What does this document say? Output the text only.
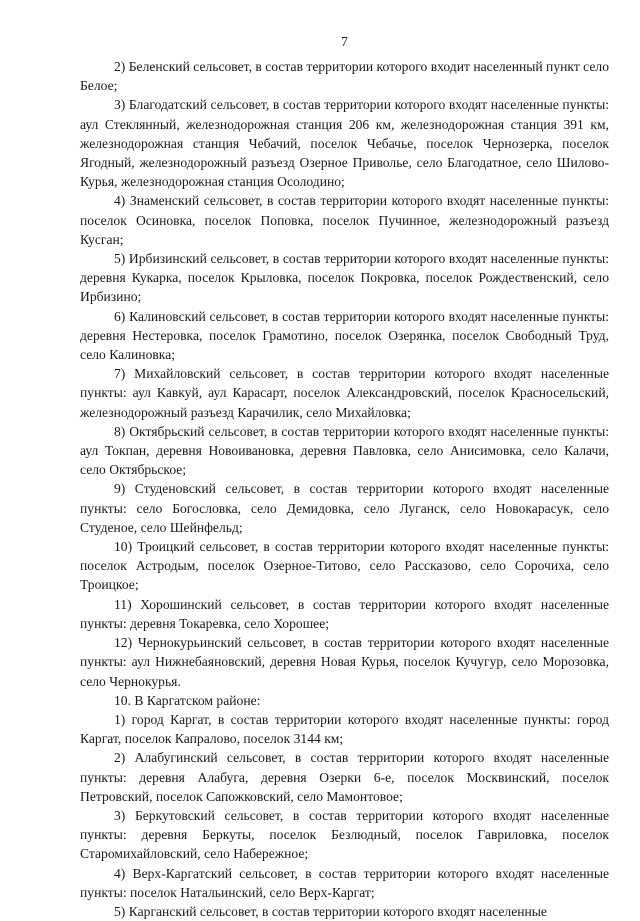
7

2) Беленский сельсовет, в состав территории которого входит населенный пункт село Белое;

3) Благодатский сельсовет, в состав территории которого входят населенные пункты: аул Стеклянный, железнодорожная станция 206 км, железнодорожная станция 391 км, железнодорожная станция Чебачий, поселок Чебачье, поселок Чернозерка, поселок Ягодный, железнодорожный разъезд Озерное Приволье, село Благодатное, село Шилово-Курья, железнодорожная станция Осолодино;

4) Знаменский сельсовет, в состав территории которого входят населенные пункты: поселок Осиновка, поселок Поповка, поселок Пучинное, железнодорожный разъезд Кусган;

5) Ирбизинский сельсовет, в состав территории которого входят населенные пункты: деревня Кукарка, поселок Крыловка, поселок Покровка, поселок Рождественский, село Ирбизино;

6) Калиновский сельсовет, в состав территории которого входят населенные пункты: деревня Нестеровка, поселок Грамотино, поселок Озерянка, поселок Свободный Труд, село Калиновка;

7) Михайловский сельсовет, в состав территории которого входят населенные пункты: аул Кавкуй, аул Карасарт, поселок Александровский, поселок Красносельский, железнодорожный разъезд Карачилик, село Михайловка;

8) Октябрьский сельсовет, в состав территории которого входят населенные пункты: аул Токпан, деревня Новоивановка, деревня Павловка, село Анисимовка, село Калачи, село Октябрьское;

9) Студеновский сельсовет, в состав территории которого входят населенные пункты: село Богословка, село Демидовка, село Луганск, село Новокарасук, село Студеное, село Шейнфельд;

10) Троицкий сельсовет, в состав территории которого входят населенные пункты: поселок Астродым, поселок Озерное-Титово, село Рассказово, село Сорочиха, село Троицкое;

11) Хорошинский сельсовет, в состав территории которого входят населенные пункты: деревня Токаревка, село Хорошее;

12) Чернокурьинский сельсовет, в состав территории которого входят населенные пункты: аул Нижнебаяновский, деревня Новая Курья, поселок Кучугур, село Морозовка, село Чернокурья.

10. В Каргатском районе:

1) город Каргат, в состав территории которого входят населенные пункты: город Каргат, поселок Капралово, поселок 3144 км;

2) Алабугинский сельсовет, в состав территории которого входят населенные пункты: деревня Алабуга, деревня Озерки 6-е, поселок Москвинский, поселок Петровский, поселок Сапожковский, село Мамонтовое;

3) Беркутовский сельсовет, в состав территории которого входят населенные пункты: деревня Беркуты, поселок Безлюдный, поселок Гавриловка, поселок Старомихайловский, село Набережное;

4) Верх-Каргатский сельсовет, в состав территории которого входят населенные пункты: поселок Натальинский, село Верх-Каргат;

5) Карганский сельсовет, в состав территории которого входят населенные
